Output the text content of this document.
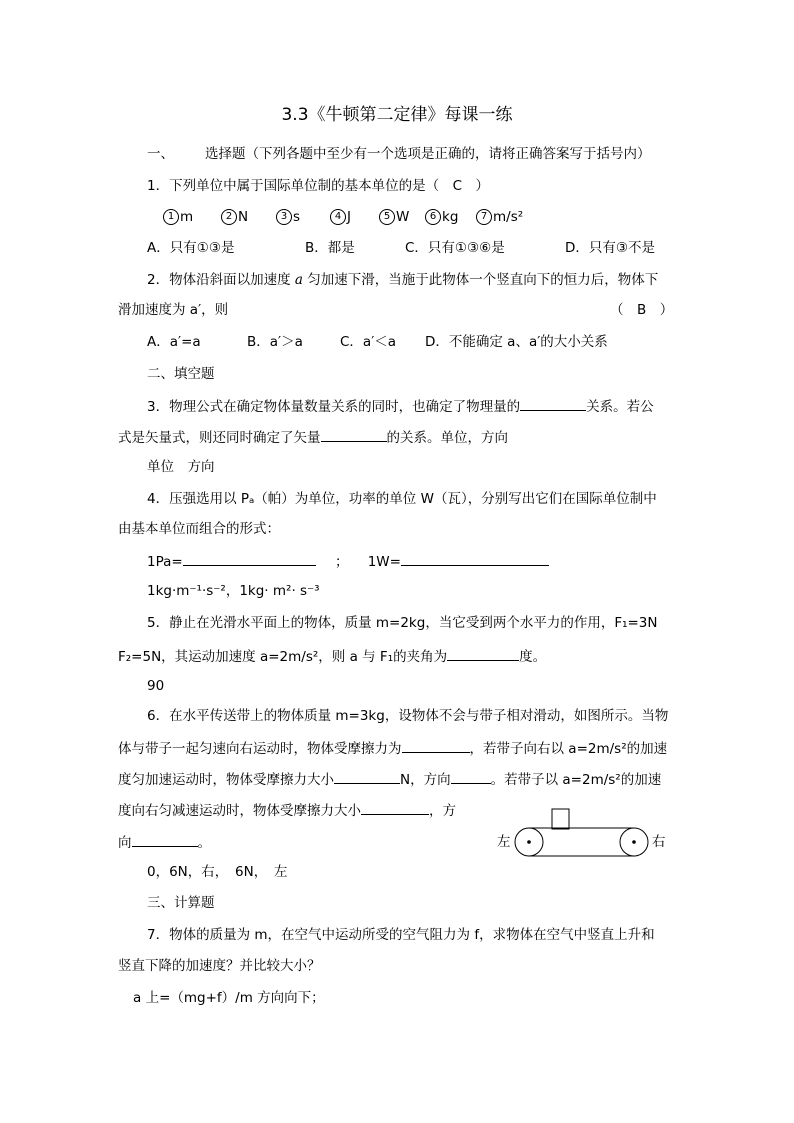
3.3《牛顿第二定律》每课一练
一、 选择题（下列各题中至少有一个选项是正确的，请将正确答案写于括号内）
1．下列单位中属于国际单位制的基本单位的是（　C　）
1 m	2 N	3 s	4 J	5 W	6 kg	7 m/s²
A．只有①③是	B．都是	C．只有①③⑥是	D．只有③不是
2．物体沿斜面以加速度 a 匀加速下滑，当施于此物体一个竖直向下的恒力后，物体下
滑加速度为 a′，则	（　B　）
A．a′=a	B．a′＞a	C．a′＜a D．不能确定 a、a′的大小关系
二、填空题
3．物理公式在确定物体量数量关系的同时，也确定了物理量的	关系。若公
式是矢量式，则还同时确定了矢量	的关系。单位，方向
单位　方向
4．压强选用以 Pₐ（帕）为单位，功率的单位 W（瓦），分别写出它们在国际单位制中
由基本单位而组合的形式：
1Pa=	； 1W=
1kg·m⁻¹·s⁻²，1kg· m²· s⁻³
5．静止在光滑水平面上的物体，质量 m=2kg，当它受到两个水平力的作用，F₁=3N
F₂=5N，其运动加速度 a=2m/s²，则 a 与 F₁的夹角为	度。
90
6．在水平传送带上的物体质量 m=3kg，设物体不会与带子相对滑动，如图所示。当物
体与带子一起匀速向右运动时，物体受摩擦力为	，若带子向右以 a=2m/s²的加速
度匀加速运动时，物体受摩擦力大小	N，方向	。若带子以 a=2m/s²的加速
度向右匀减速运动时，物体受摩擦力大小	，方
向	。
0，6N，右，　6N，　左
左	右
三、计算题
7．物体的质量为 m，在空气中运动所受的空气阻力为 f，求物体在空气中竖直上升和
竖直下降的加速度？并比较大小？
a 上=（mg+f）/m 方向向下；
